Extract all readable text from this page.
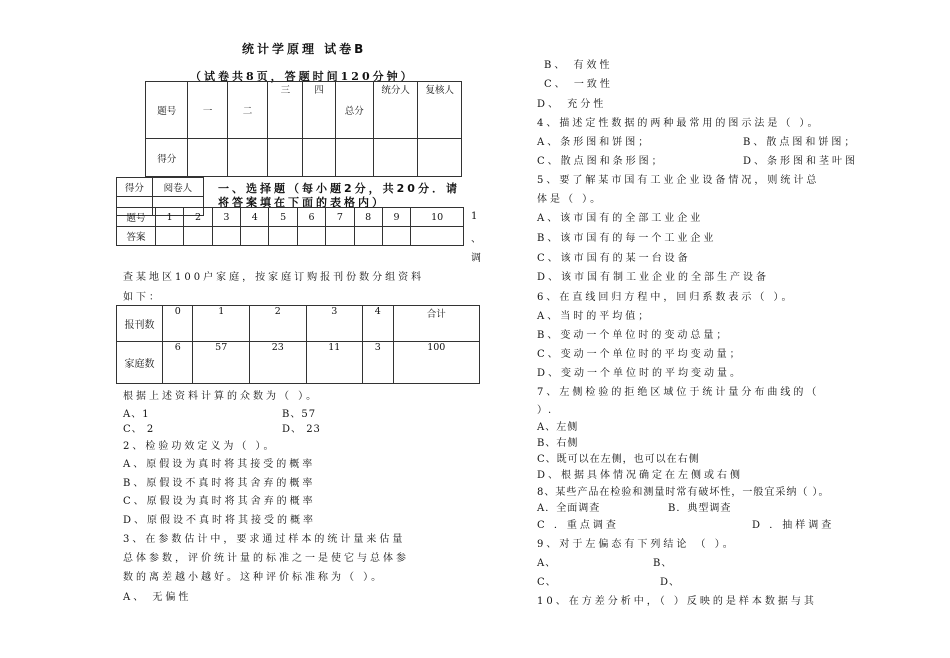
统计学原理 试卷B
（试卷共8页，答题时间120分钟）
题号	一	二	三	四	总分	统分人	复核人
得分							
得分	阅卷人
	一、选择题（每小题2分，共20分．请
将答案填在下面的表格内）
题号	1	2	3	4	5	6	7	8	9	10
答案										
1
、
调
查某地区100户家庭，按家庭订购报刊份数分组资料
如下：
报刊数	0	1	2	3	4	合计
家庭数	6	57	23	11	3	100
根据上述资料计算的众数为（ ）。
A、1	B、57
C、 2	D、 23
2、检验功效定义为（ ）。
A、原假设为真时将其接受的概率
B、原假设不真时将其舍弃的概率
C、原假设为真时将其舍弃的概率
D、原假设不真时将其接受的概率
3、在参数估计中，要求通过样本的统计量来估量
总体参数，评价统计量的标准之一是使它与总体参
数的离差越小越好。这种评价标准称为（ ）。
A、 无偏性
B、 有效性
C、 一致性
D、 充分性
4、描述定性数据的两种最常用的图示法是（ ）。
A、条形图和饼图；	B、散点图和饼图；
C、散点图和条形图；	D、条形图和茎叶图
5、要了解某市国有工业企业设备情况，则统计总
体是（ ）。
A、该市国有的全部工业企业
B、该市国有的每一个工业企业
C、该市国有的某一台设备
D、该市国有制工业企业的全部生产设备
6、在直线回归方程中，回归系数表示（ ）。
A、当时的平均值；
B、变动一个单位时的变动总量；
C、变动一个单位时的平均变动量；
D、变动一个单位时的平均变动量。
7、左侧检验的拒绝区域位于统计量分布曲线的（
）.
A、左侧
B、右侧
C、既可以在左侧，也可以在右侧
D、根据具体情况确定在左侧或右侧
8、某些产品在检验和测量时常有破坏性，一般宜采纳（ ）。
A．全面调查	B．典型调查
C ．重点调查	D ．抽样调查
9、对于左偏态有下列结论 （ ）。
A、	B、
C、	D、
10、在方差分析中，（ ）反映的是样本数据与其
